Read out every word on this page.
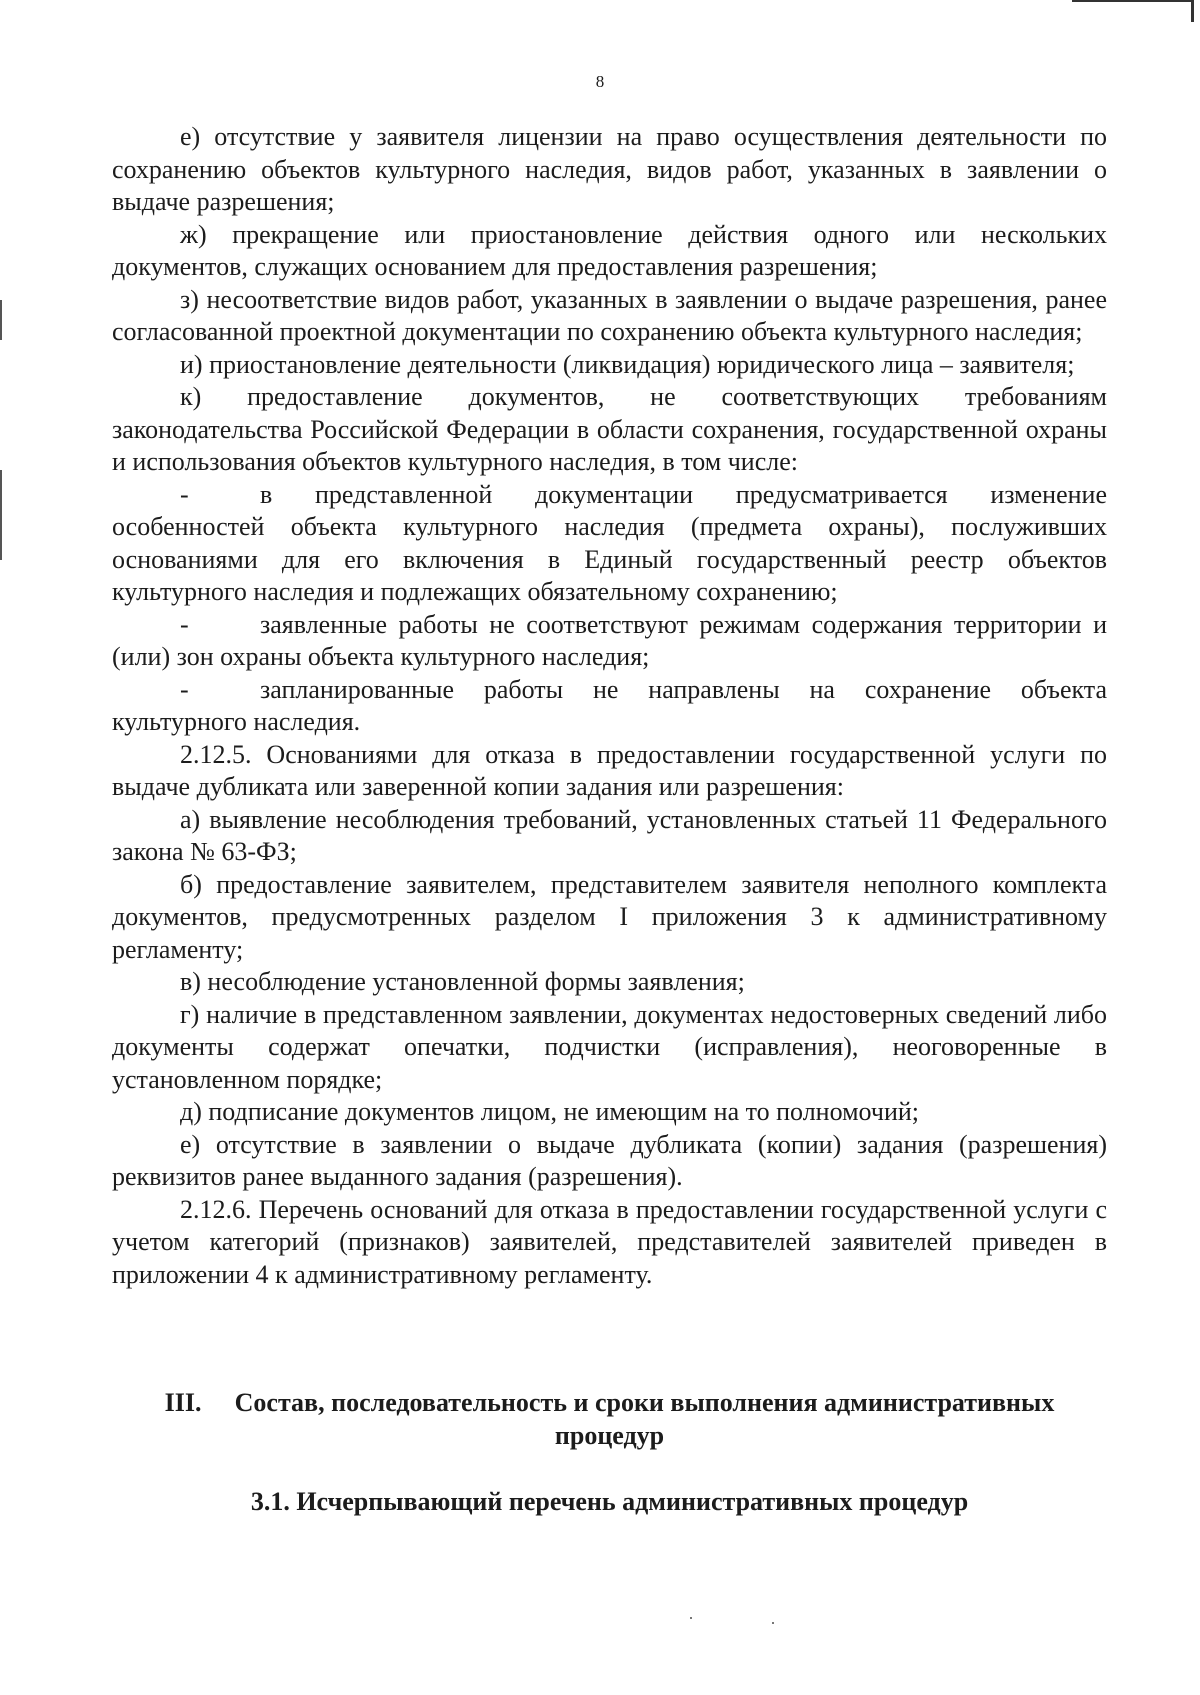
8

е) отсутствие у заявителя лицензии на право осуществления деятельности по сохранению объектов культурного наследия, видов работ, указанных в заявлении о выдаче разрешения;

ж) прекращение или приостановление действия одного или нескольких документов, служащих основанием для предоставления разрешения;

з) несоответствие видов работ, указанных в заявлении о выдаче разрешения, ранее согласованной проектной документации по сохранению объекта культурного наследия;

и) приостановление деятельности (ликвидация) юридического лица – заявителя;

к) предоставление документов, не соответствующих требованиям законодательства Российской Федерации в области сохранения, государственной охраны и использования объектов культурного наследия, в том числе:

-	в представленной документации предусматривается изменение особенностей объекта культурного наследия (предмета охраны), послуживших основаниями для его включения в Единый государственный реестр объектов культурного наследия и подлежащих обязательному сохранению;

-	заявленные работы не соответствуют режимам содержания территории и (или) зон охраны объекта культурного наследия;

-	запланированные работы не направлены на сохранение объекта культурного наследия.

2.12.5. Основаниями для отказа в предоставлении государственной услуги по выдаче дубликата или заверенной копии задания или разрешения:

а) выявление несоблюдения требований, установленных статьей 11 Федерального закона № 63-ФЗ;

б) предоставление заявителем, представителем заявителя неполного комплекта документов, предусмотренных разделом I приложения 3 к административному регламенту;

в) несоблюдение установленной формы заявления;

г) наличие в представленном заявлении, документах недостоверных сведений либо документы содержат опечатки, подчистки (исправления), неоговоренные в установленном порядке;

д) подписание документов лицом, не имеющим на то полномочий;

е) отсутствие в заявлении о выдаче дубликата (копии) задания (разрешения) реквизитов ранее выданного задания (разрешения).

2.12.6. Перечень оснований для отказа в предоставлении государственной услуги с учетом категорий (признаков) заявителей, представителей заявителей приведен в приложении 4 к административному регламенту.

III. Состав, последовательность и сроки выполнения административных процедур
3.1. Исчерпывающий перечень административных процедур
